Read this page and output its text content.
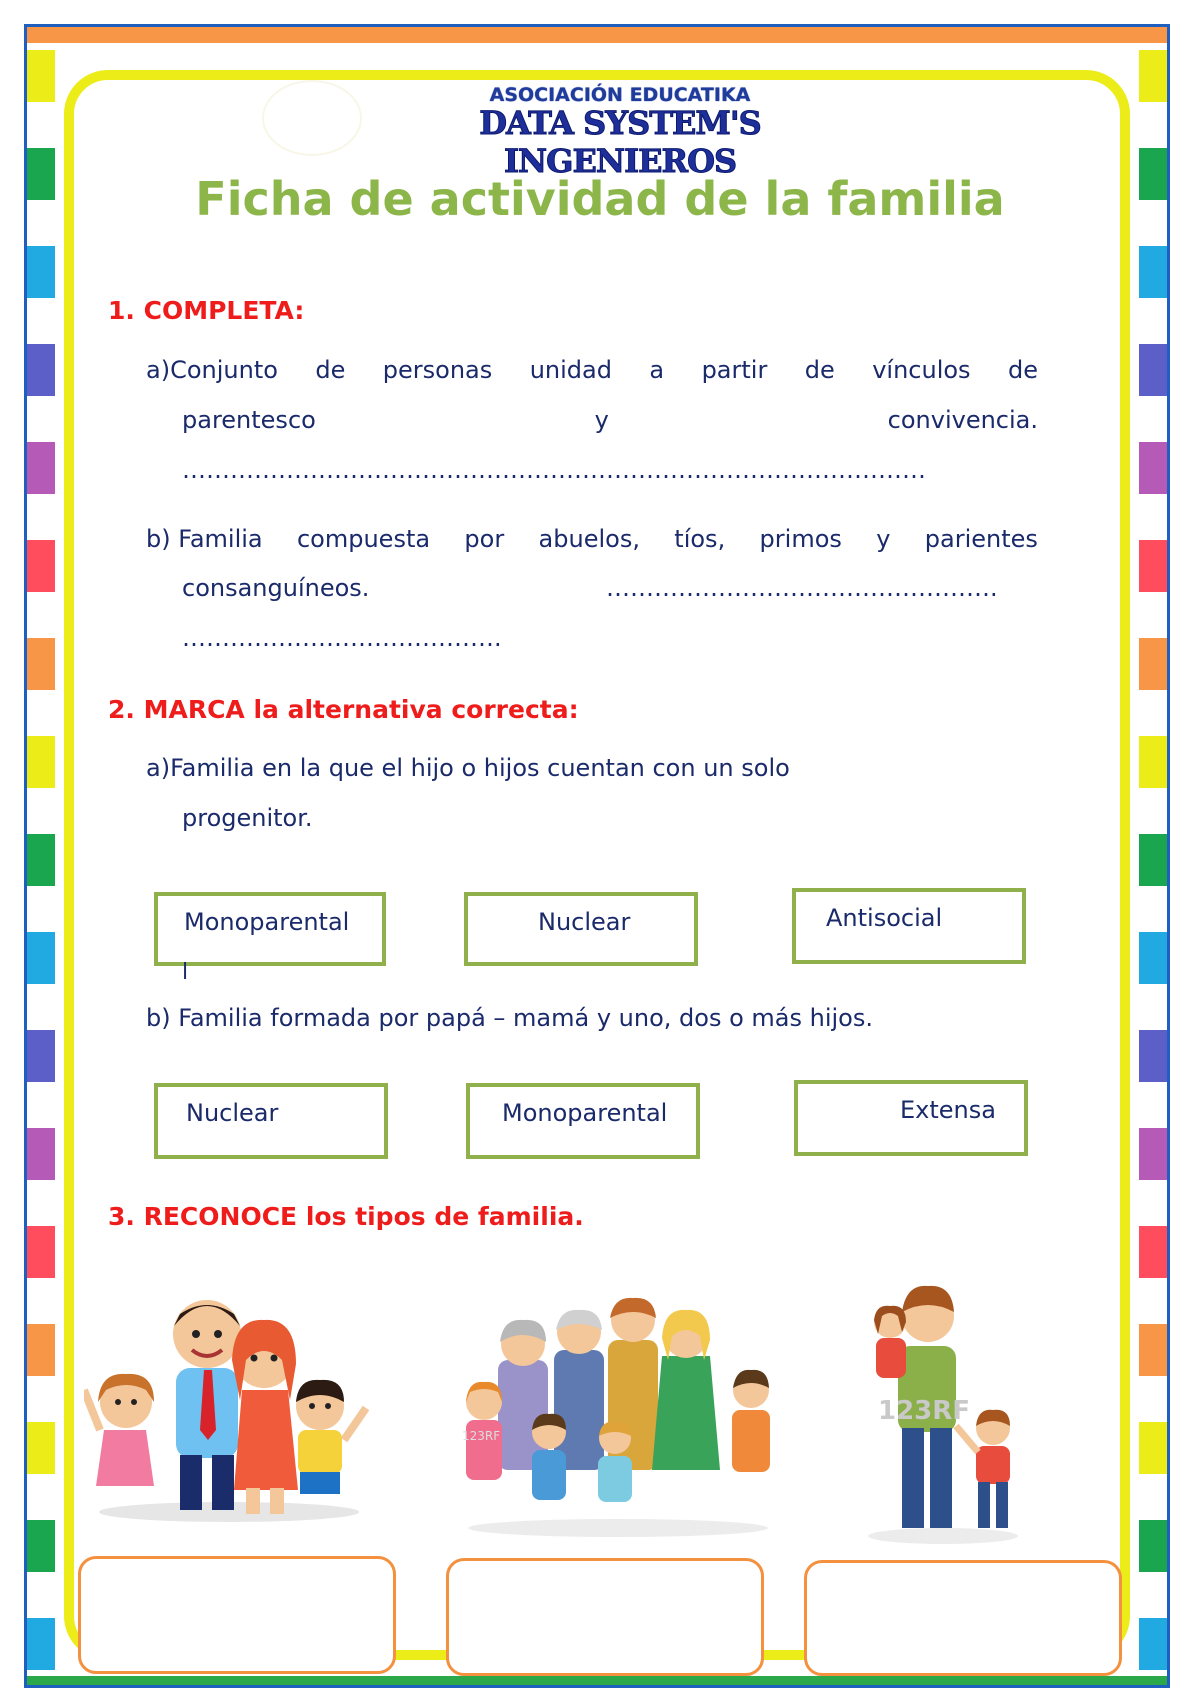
ASOCIACIÓN EDUCATIKA
DATA SYSTEM'S INGENIEROS
Ficha de actividad de la familia
1. COMPLETA:
a)Conjunto de personas unidad a partir de vínculos de
parentesco	y	convivencia.
…………………………………………………………………………………
b) Familia compuesta por abuelos, tíos, primos y parientes
consanguíneos.	………………………………………….
………………………………….
2. MARCA la alternativa correcta:
a)Familia en la que el hijo o hijos cuentan con un solo
progenitor.
Monoparental
l
Nuclear	Antisocial
b) Familia formada por papá – mamá y uno, dos o más hijos.
Nuclear	Monoparental	Extensa
3. RECONOCE los tipos de familia.
123RF
123RF
